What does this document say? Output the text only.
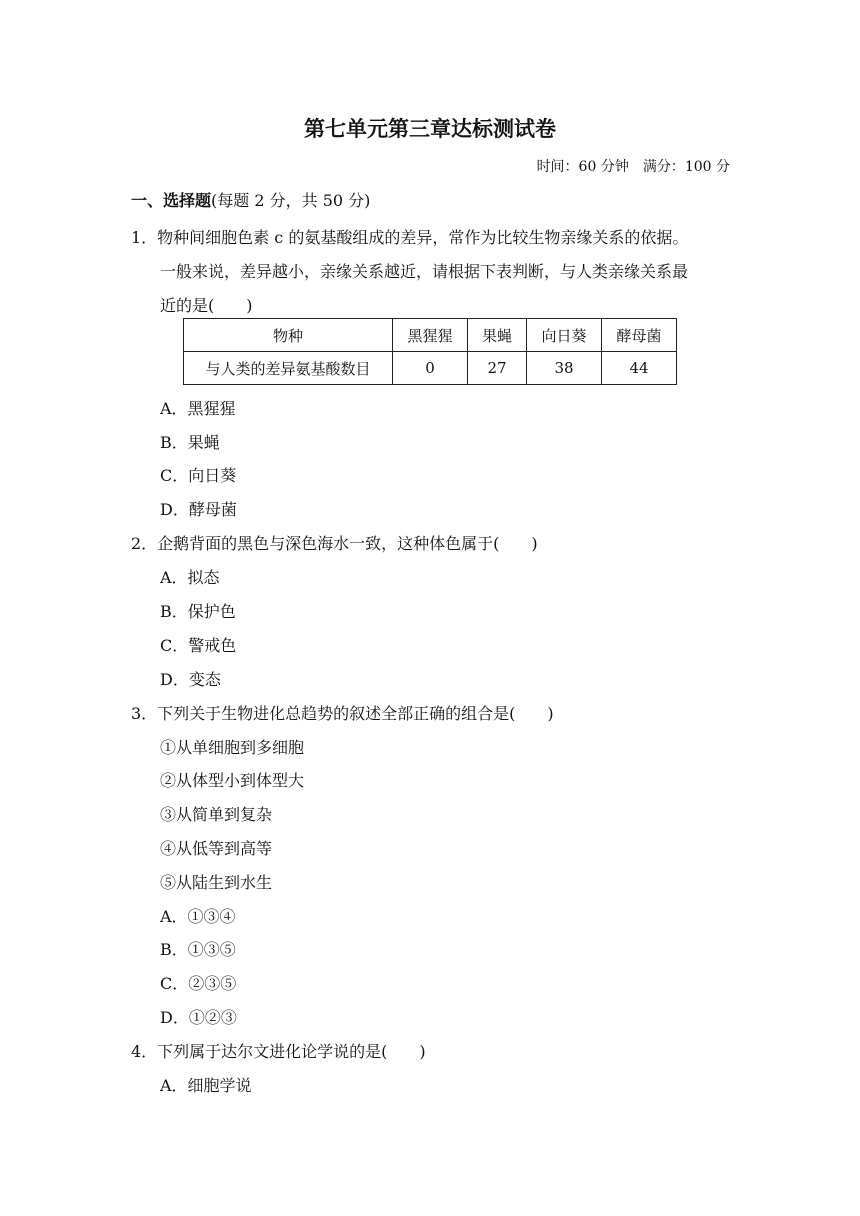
第七单元第三章达标测试卷
时间：60 分钟 满分：100 分
一、选择题(每题 2 分，共 50 分)
1．物种间细胞色素 c 的氨基酸组成的差异，常作为比较生物亲缘关系的依据。
一般来说，差异越小，亲缘关系越近，请根据下表判断，与人类亲缘关系最
近的是(　　)
物种	黑猩猩	果蝇	向日葵	酵母菌
与人类的差异氨基酸数目	0	27	38	44
A．黑猩猩
B．果蝇
C．向日葵
D．酵母菌
2．企鹅背面的黑色与深色海水一致，这种体色属于(　　)
A．拟态
B．保护色
C．警戒色
D．变态
3．下列关于生物进化总趋势的叙述全部正确的组合是(　　)
①从单细胞到多细胞
②从体型小到体型大
③从简单到复杂
④从低等到高等
⑤从陆生到水生
A．①③④
B．①③⑤
C．②③⑤
D．①②③
4．下列属于达尔文进化论学说的是(　　)
A．细胞学说
